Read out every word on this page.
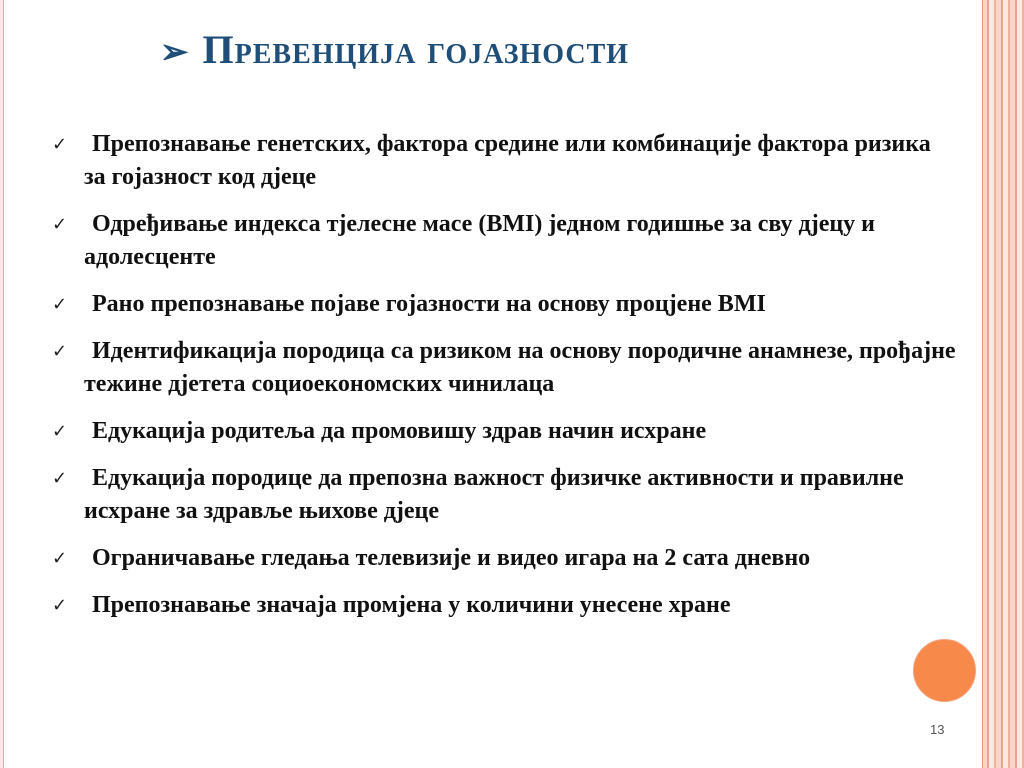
➢ Превенција гојазности
✓	Препознавање генетских, фактора средине или комбинације фактора ризика за гојазност код дјеце
✓	Одређивање индекса тјелесне масе (BMI) једном годишње за сву дјецу и адолесценте
✓	Рано препознавање појаве гојазности на основу процјене BMI
✓	Идентификација породица са ризиком на основу породичне анамнезе, прођајне тежине дјетета социоекономских чинилаца
✓	Едукација родитеља да промовишу здрав начин исхране
✓	Едукација породице да препозна важност физичке активности и правилне исхране за здравље њихове дјеце
✓	Ограничавање гледања телевизије и видео игара на 2 сата дневно
✓	Препознавање значаја промјена у количини унесене хране
13
